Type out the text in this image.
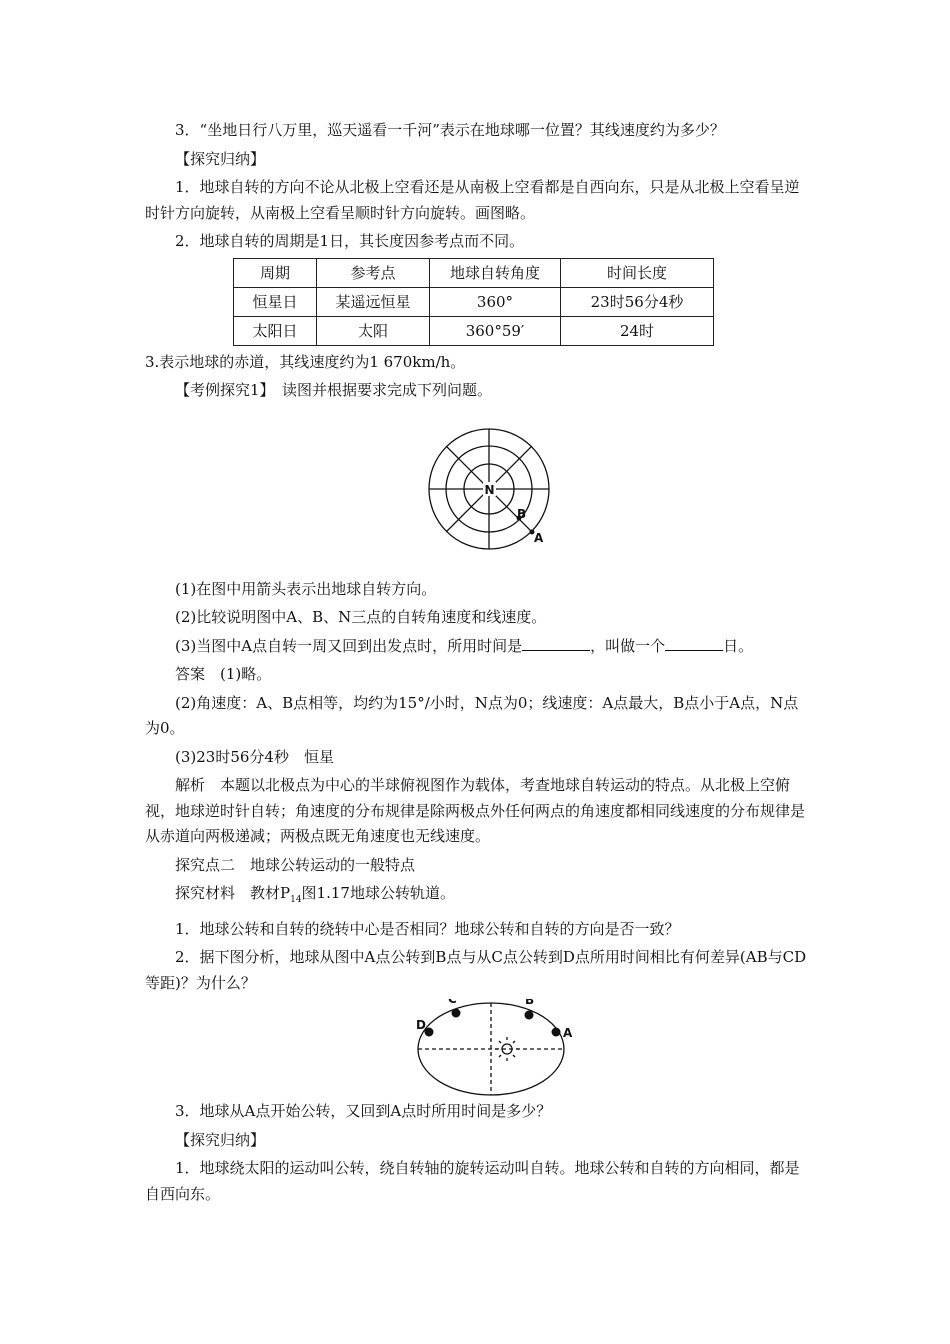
3．“坐地日行八万里，巡天遥看一千河”表示在地球哪一位置？其线速度约为多少？

【探究归纳】

1．地球自转的方向不论从北极上空看还是从南极上空看都是自西向东，只是从北极上空看呈逆时针方向旋转，从南极上空看呈顺时针方向旋转。画图略。

2．地球自转的周期是1日，其长度因参考点而不同。

周期	参考点	地球自转角度	时间长度
恒星日	某遥远恒星	360°	23时56分4秒
太阳日	太阳	360°59′	24时

3.表示地球的赤道，其线速度约为1 670km/h。

【考例探究1】　读图并根据要求完成下列问题。

N
B
A

(1)在图中用箭头表示出地球自转方向。

(2)比较说明图中A、B、N三点的自转角速度和线速度。

(3)当图中A点自转一周又回到出发点时，所用时间是	，叫做一个	日。

答案　(1)略。

(2)角速度：A、B点相等，均约为15°/小时，N点为0；线速度：A点最大，B点小于A点，N点为0。

(3)23时56分4秒　恒星

解析　本题以北极点为中心的半球俯视图作为载体，考查地球自转运动的特点。从北极上空俯视，地球逆时针自转；角速度的分布规律是除两极点外任何两点的角速度都相同线速度的分布规律是从赤道向两极递减；两极点既无角速度也无线速度。

探究点二　地球公转运动的一般特点

探究材料　教材$P_{14}$图1.17地球公转轨道。

1．地球公转和自转的绕转中心是否相同？地球公转和自转的方向是否一致？

2．据下图分析，地球从图中A点公转到B点与从C点公转到D点所用时间相比有何差异(AB与CD等距)？为什么？

C	B
D
A

3．地球从A点开始公转，又回到A点时所用时间是多少？

【探究归纳】

1．地球绕太阳的运动叫公转，绕自转轴的旋转运动叫自转。地球公转和自转的方向相同，都是自西向东。
